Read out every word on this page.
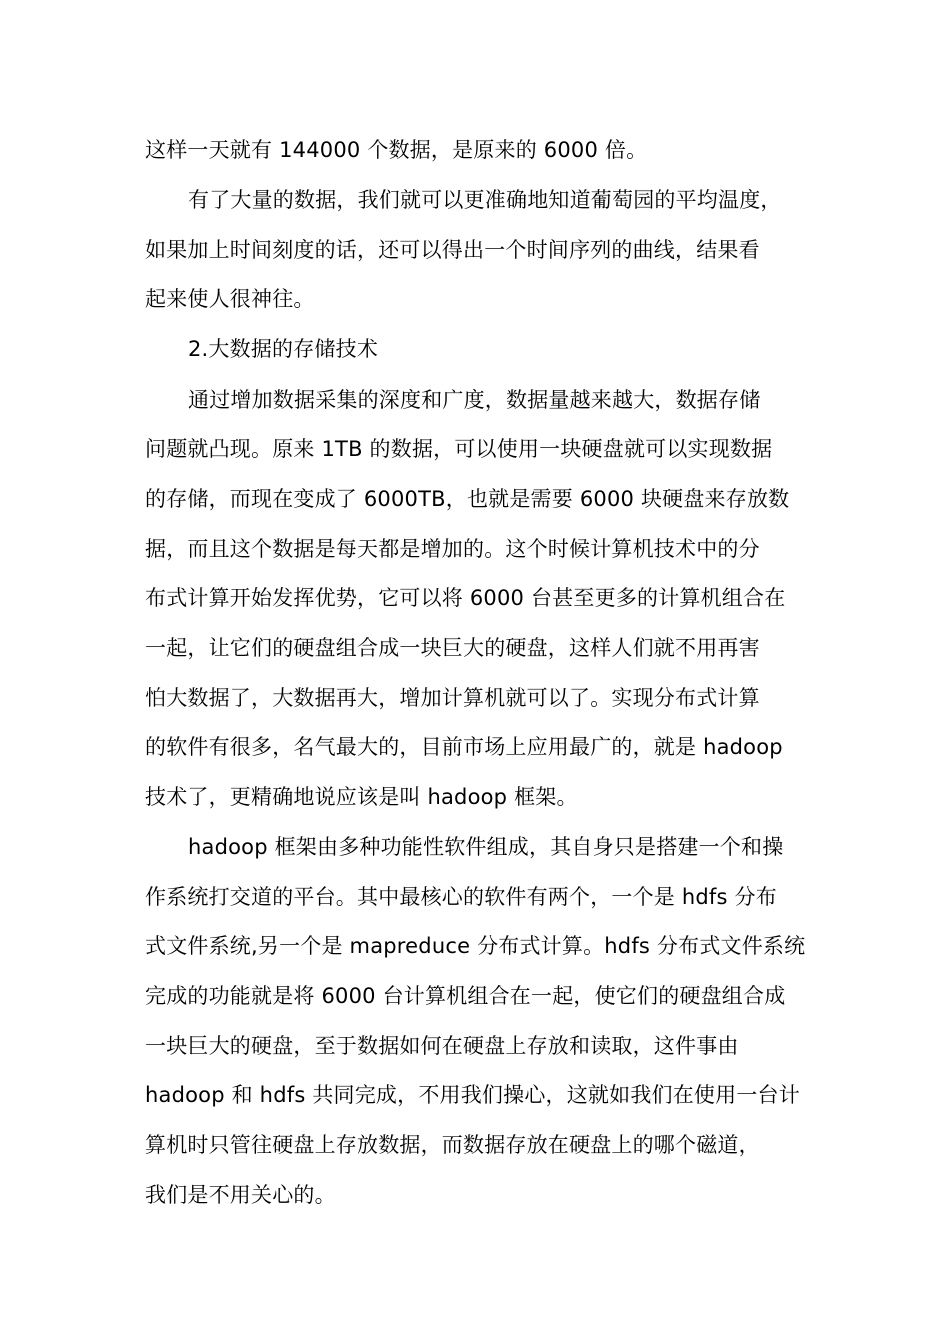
这样一天就有 144000 个数据，是原来的 6000 倍。
有了大量的数据，我们就可以更准确地知道葡萄园的平均温度，
如果加上时间刻度的话，还可以得出一个时间序列的曲线，结果看
起来使人很神往。
2.大数据的存储技术
通过增加数据采集的深度和广度，数据量越来越大，数据存储
问题就凸现。原来 1TB 的数据，可以使用一块硬盘就可以实现数据
的存储，而现在变成了 6000TB，也就是需要 6000 块硬盘来存放数
据，而且这个数据是每天都是增加的。这个时候计算机技术中的分
布式计算开始发挥优势，它可以将 6000 台甚至更多的计算机组合在
一起，让它们的硬盘组合成一块巨大的硬盘，这样人们就不用再害
怕大数据了，大数据再大，增加计算机就可以了。实现分布式计算
的软件有很多，名气最大的，目前市场上应用最广的，就是 hadoop
技术了，更精确地说应该是叫 hadoop 框架。
hadoop 框架由多种功能性软件组成，其自身只是搭建一个和操
作系统打交道的平台。其中最核心的软件有两个，一个是 hdfs 分布
式文件系统,另一个是 mapreduce 分布式计算。hdfs 分布式文件系统
完成的功能就是将 6000 台计算机组合在一起，使它们的硬盘组合成
一块巨大的硬盘，至于数据如何在硬盘上存放和读取，这件事由
hadoop 和 hdfs 共同完成，不用我们操心，这就如我们在使用一台计
算机时只管往硬盘上存放数据，而数据存放在硬盘上的哪个磁道，
我们是不用关心的。
